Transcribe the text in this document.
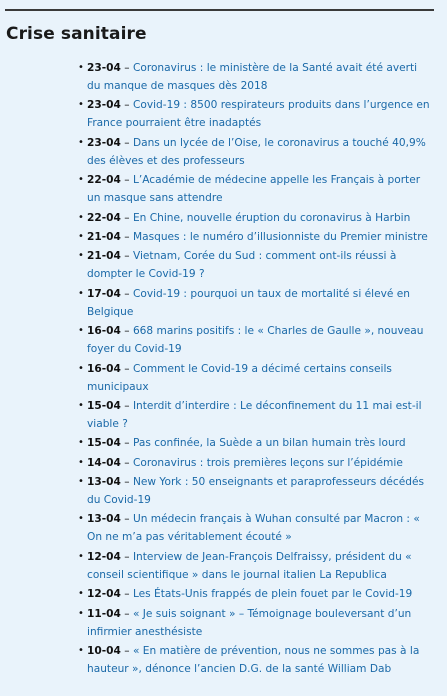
Crise sanitaire
• 23-04 – Coronavirus : le ministère de la Santé avait été averti du manque de masques dès 2018
• 23-04 – Covid-19 : 8500 respirateurs produits dans l’urgence en France pourraient être inadaptés
• 23-04 – Dans un lycée de l’Oise, le coronavirus a touché 40,9% des élèves et des professeurs
• 22-04 – L’Académie de médecine appelle les Français à porter un masque sans attendre
• 22-04 – En Chine, nouvelle éruption du coronavirus à Harbin
• 21-04 – Masques : le numéro d’illusionniste du Premier ministre
• 21-04 – Vietnam, Corée du Sud : comment ont-ils réussi à dompter le Covid-19 ?
• 17-04 – Covid-19 : pourquoi un taux de mortalité si élevé en Belgique
• 16-04 – 668 marins positifs : le « Charles de Gaulle », nouveau foyer du Covid-19
• 16-04 – Comment le Covid-19 a décimé certains conseils municipaux
• 15-04 – Interdit d’interdire : Le déconfinement du 11 mai est-il viable ?
• 15-04 – Pas confinée, la Suède a un bilan humain très lourd
• 14-04 – Coronavirus : trois premières leçons sur l’épidémie
• 13-04 – New York : 50 enseignants et paraprofesseurs décédés du Covid-19
• 13-04 – Un médecin français à Wuhan consulté par Macron : « On ne m’a pas véritablement écouté »
• 12-04 – Interview de Jean-François Delfraissy, président du « conseil scientifique » dans le journal italien La Republica
• 12-04 – Les États-Unis frappés de plein fouet par le Covid-19
• 11-04 – « Je suis soignant » – Témoignage bouleversant d’un infirmier anesthésiste
• 10-04 – « En matière de prévention, nous ne sommes pas à la hauteur », dénonce l’ancien D.G. de la santé William Dab
